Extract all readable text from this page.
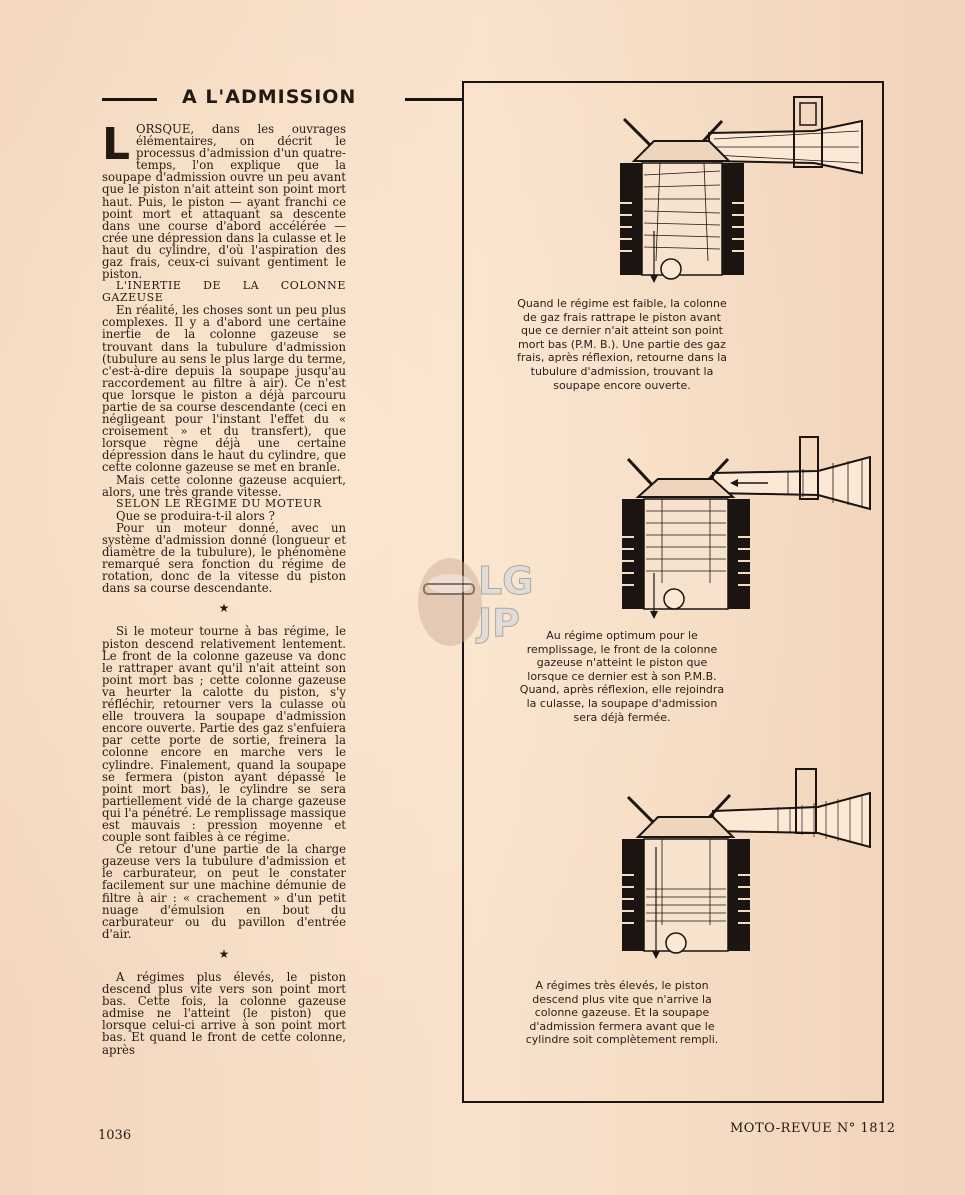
A L'ADMISSION

LORSQUE, dans les ouvrages élémentaires, on décrit le processus d'admission d'un quatre-temps, l'on explique que la soupape d'admission ouvre un peu avant que le piston n'ait atteint son point mort haut. Puis, le piston — ayant franchi ce point mort et attaquant sa descente dans une course d'abord accélérée — crée une dépression dans la culasse et le haut du cylindre, d'où l'aspiration des gaz frais, ceux-ci suivant gentiment le piston.

L'INERTIE DE LA COLONNE GAZEUSE

En réalité, les choses sont un peu plus complexes. Il y a d'abord une certaine inertie de la colonne gazeuse se trouvant dans la tubulure d'admission (tubulure au sens le plus large du terme, c'est-à-dire depuis la soupape jusqu'au raccordement au filtre à air). Ce n'est que lorsque le piston a déjà parcouru partie de sa course descendante (ceci en négligeant pour l'instant l'effet du « croisement » et du transfert), que lorsque règne déjà une certaine dépression dans le haut du cylindre, que cette colonne gazeuse se met en branle.

Mais cette colonne gazeuse acquiert, alors, une très grande vitesse.

SELON LE REGIME DU MOTEUR

Que se produira-t-il alors ?

Pour un moteur donné, avec un système d'admission donné (longueur et diamètre de la tubulure), le phénomène remarqué sera fonction du régime de rotation, donc de la vitesse du piston dans sa course descendante.

★

Si le moteur tourne à bas régime, le piston descend relativement lentement. Le front de la colonne gazeuse va donc le rattraper avant qu'il n'ait atteint son point mort bas ; cette colonne gazeuse va heurter la calotte du piston, s'y réfléchir, retourner vers la culasse où elle trouvera la soupape d'admission encore ouverte. Partie des gaz s'enfuiera par cette porte de sortie, freinera la colonne encore en marche vers le cylindre. Finalement, quand la soupape se fermera (piston ayant dépassé le point mort bas), le cylindre se sera partiellement vidé de la charge gazeuse qui l'a pénétré. Le remplissage massique est mauvais : pression moyenne et couple sont faibles à ce régime.

Ce retour d'une partie de la charge gazeuse vers la tubulure d'admission et le carburateur, on peut le constater facilement sur une machine démunie de filtre à air : « crachement » d'un petit nuage d'émulsion en bout du carburateur ou du pavillon d'entrée d'air.

★

A régimes plus élevés, le piston descend plus vite vers son point mort bas. Cette fois, la colonne gazeuse admise ne l'atteint (le piston) que lorsque celui-ci arrive à son point mort bas. Et quand le front de cette colonne, après

Quand le régime est faible, la colonne de gaz frais rattrape le piston avant que ce dernier n'ait atteint son point mort bas (P.M. B.). Une partie des gaz frais, après réflexion, retourne dans la tubulure d'admission, trouvant la soupape encore ouverte.
Au régime optimum pour le remplissage, le front de la colonne gazeuse n'atteint le piston que lorsque ce dernier est à son P.M.B. Quand, après réflexion, elle rejoindra la culasse, la soupape d'admission sera déjà fermée.
A régimes très élevés, le piston descend plus vite que n'arrive la colonne gazeuse. Et la soupape d'admission fermera avant que le cylindre soit complètement rempli.
LG
JP
1036	MOTO-REVUE N° 1812
